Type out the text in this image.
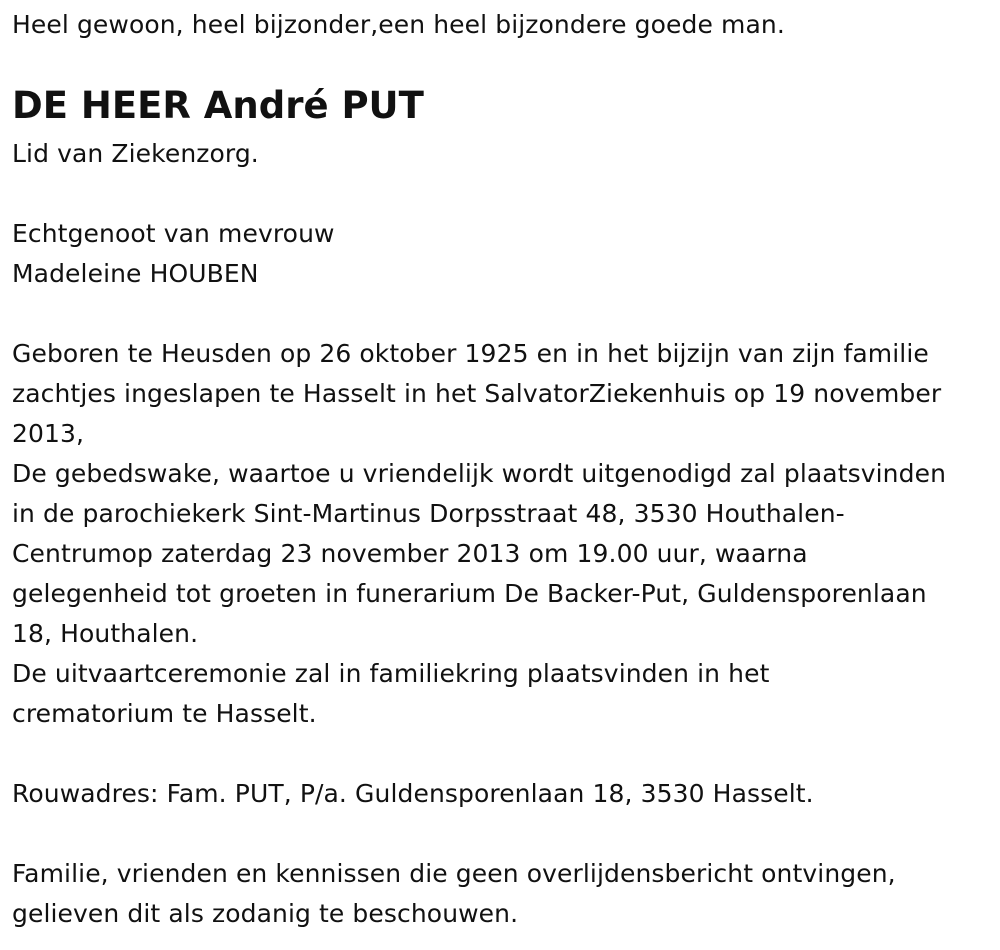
Heel gewoon, heel bijzonder,een heel bijzondere goede man.

DE HEER André PUT

Lid van Ziekenzorg.

Echtgenoot van mevrouw

Madeleine HOUBEN

Geboren te Heusden op 26 oktober 1925 en in het bijzijn van zijn familie

zachtjes ingeslapen te Hasselt in het SalvatorZiekenhuis op 19 november

2013,

De gebedswake, waartoe u vriendelijk wordt uitgenodigd zal plaatsvinden

in de parochiekerk Sint-Martinus Dorpsstraat 48, 3530 Houthalen-

Centrumop zaterdag 23 november 2013 om 19.00 uur, waarna

gelegenheid tot groeten in funerarium De Backer-Put, Guldensporenlaan

18, Houthalen.

De uitvaartceremonie zal in familiekring plaatsvinden in het

crematorium te Hasselt.

Rouwadres: Fam. PUT, P/a. Guldensporenlaan 18, 3530 Hasselt.

Familie, vrienden en kennissen die geen overlijdensbericht ontvingen,

gelieven dit als zodanig te beschouwen.
